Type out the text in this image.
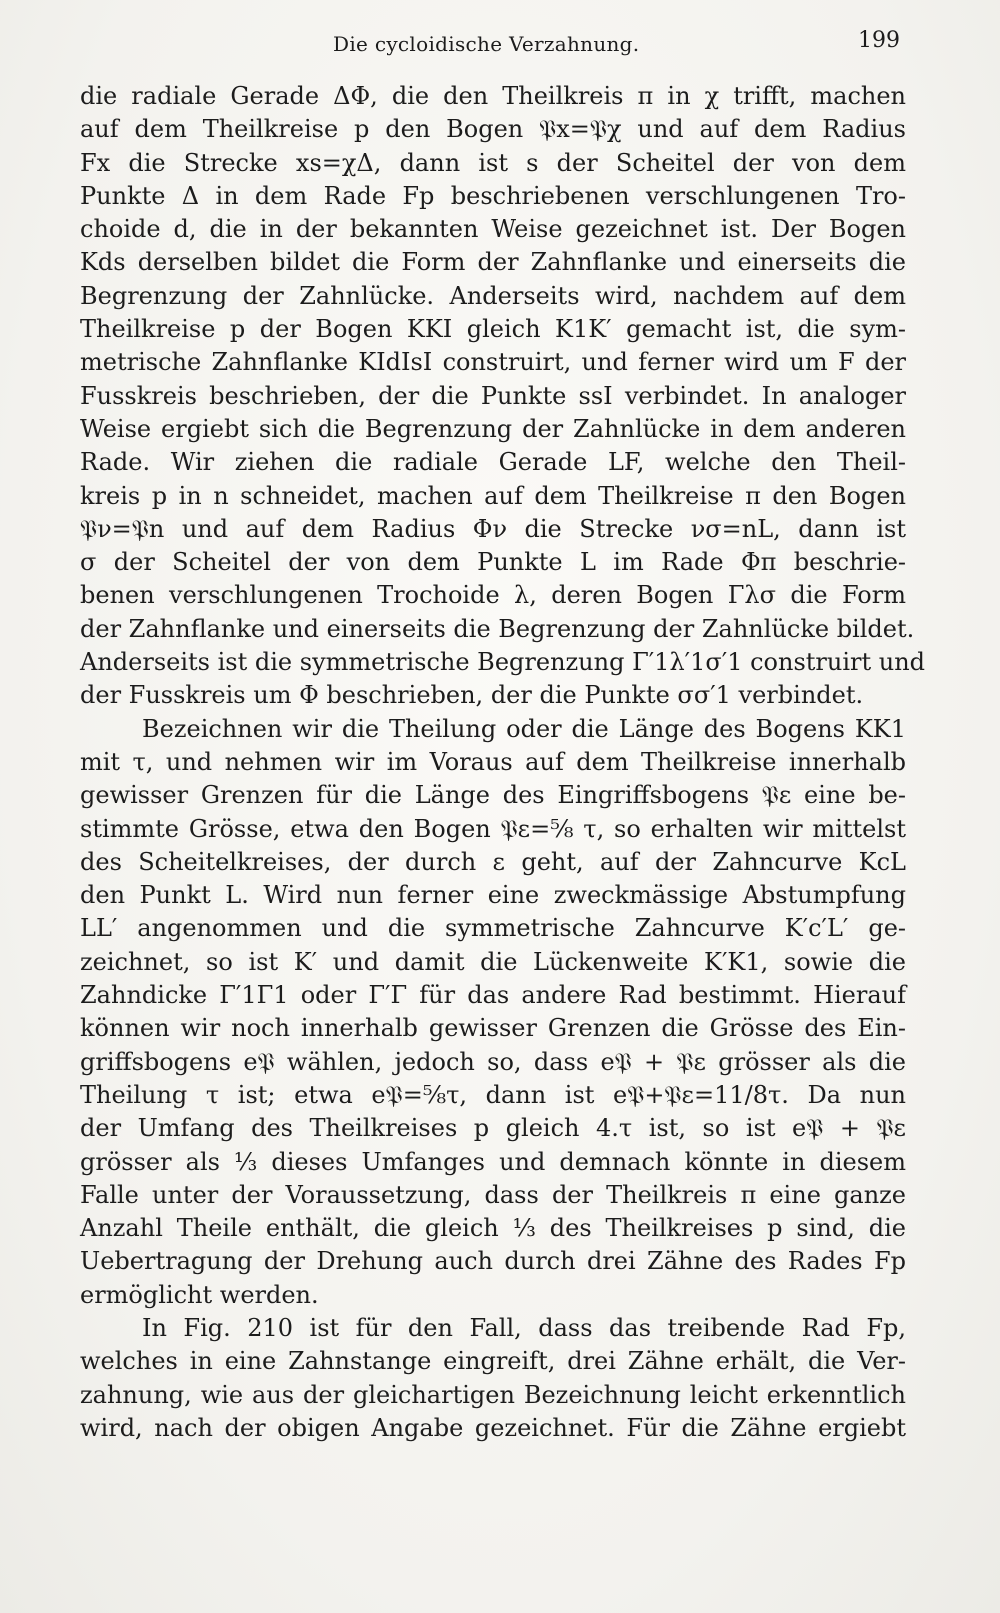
Die cycloidische Verzahnung.	199
die radiale Gerade ΔΦ, die den Theilkreis π in χ trifft, machen
auf dem Theilkreise p den Bogen 𝔓x=𝔓χ und auf dem Radius
Fx die Strecke xs=χΔ, dann ist s der Scheitel der von dem
Punkte Δ in dem Rade Fp beschriebenen verschlungenen Tro-
choide d, die in der bekannten Weise gezeichnet ist. Der Bogen
Kds derselben bildet die Form der Zahnflanke und einerseits die
Begrenzung der Zahnlücke. Anderseits wird, nachdem auf dem
Theilkreise p der Bogen KKI gleich K1K′ gemacht ist, die sym-
metrische Zahnflanke KIdIsI construirt, und ferner wird um F der
Fusskreis beschrieben, der die Punkte ssI verbindet. In analoger
Weise ergiebt sich die Begrenzung der Zahnlücke in dem anderen
Rade. Wir ziehen die radiale Gerade LF, welche den Theil-
kreis p in n schneidet, machen auf dem Theilkreise π den Bogen
𝔓ν=𝔓n und auf dem Radius Φν die Strecke νσ=nL, dann ist
σ der Scheitel der von dem Punkte L im Rade Φπ beschrie-
benen verschlungenen Trochoide λ, deren Bogen Γλσ die Form
der Zahnflanke und einerseits die Begrenzung der Zahnlücke bildet.
Anderseits ist die symmetrische Begrenzung Γ′1λ′1σ′1 construirt und
der Fusskreis um Φ beschrieben, der die Punkte σσ′1 verbindet.
Bezeichnen wir die Theilung oder die Länge des Bogens KK1
mit τ, und nehmen wir im Voraus auf dem Theilkreise innerhalb
gewisser Grenzen für die Länge des Eingriffsbogens 𝔓ε eine be-
stimmte Grösse, etwa den Bogen 𝔓ε=⅝ τ, so erhalten wir mittelst
des Scheitelkreises, der durch ε geht, auf der Zahncurve KcL
den Punkt L. Wird nun ferner eine zweckmässige Abstumpfung
LL′ angenommen und die symmetrische Zahncurve K′c′L′ ge-
zeichnet, so ist K′ und damit die Lückenweite K′K1, sowie die
Zahndicke Γ′1Γ1 oder Γ′Γ für das andere Rad bestimmt. Hierauf
können wir noch innerhalb gewisser Grenzen die Grösse des Ein-
griffsbogens e𝔓 wählen, jedoch so, dass e𝔓 + 𝔓ε grösser als die
Theilung τ ist; etwa e𝔓=⅝τ, dann ist e𝔓+𝔓ε=11/8τ. Da nun
der Umfang des Theilkreises p gleich 4.τ ist, so ist e𝔓 + 𝔓ε
grösser als ⅓ dieses Umfanges und demnach könnte in diesem
Falle unter der Voraussetzung, dass der Theilkreis π eine ganze
Anzahl Theile enthält, die gleich ⅓ des Theilkreises p sind, die
Uebertragung der Drehung auch durch drei Zähne des Rades Fp
ermöglicht werden.
In Fig. 210 ist für den Fall, dass das treibende Rad Fp,
welches in eine Zahnstange eingreift, drei Zähne erhält, die Ver-
zahnung, wie aus der gleichartigen Bezeichnung leicht erkenntlich
wird, nach der obigen Angabe gezeichnet. Für die Zähne ergiebt
